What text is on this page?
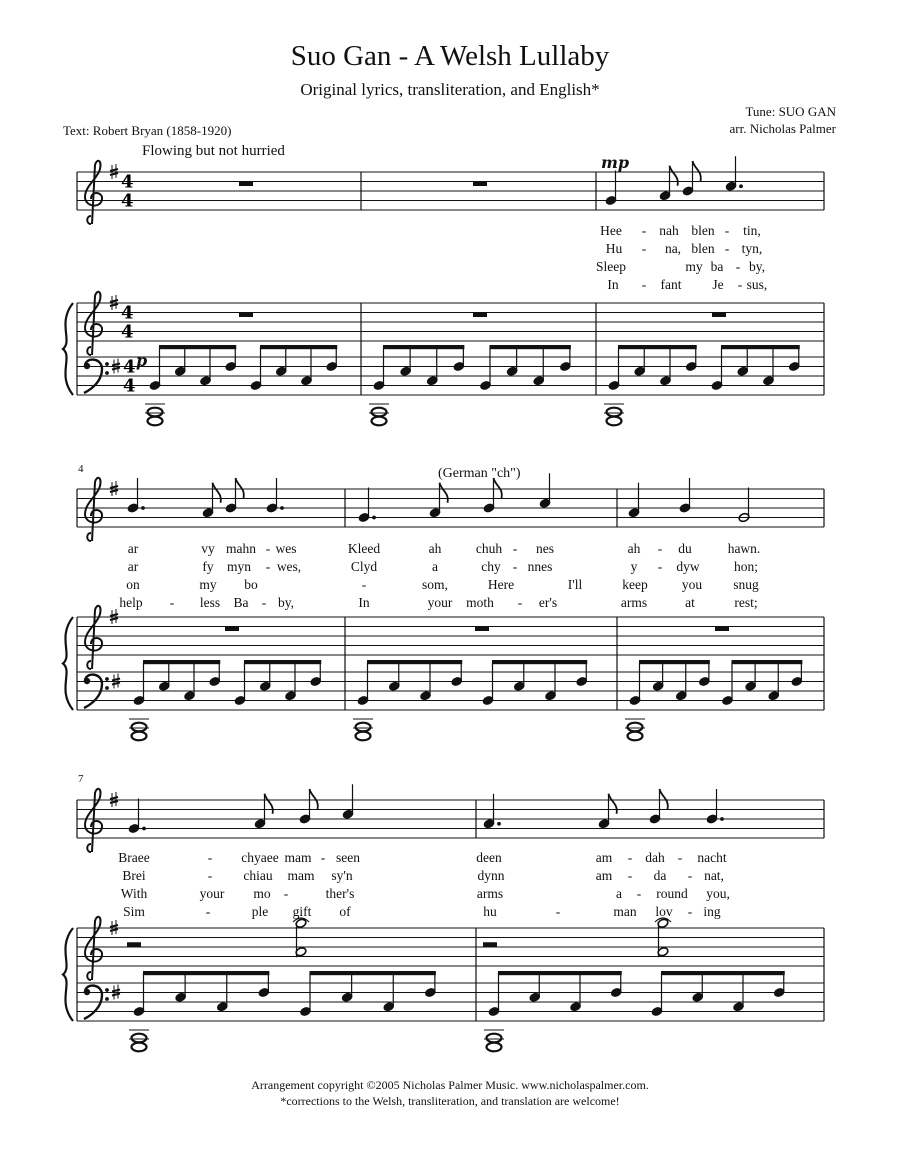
4
4
4
4
4
4
Suo Gan - A Welsh Lullaby
Original lyrics, transliteration, and English*
Tune: SUO GAN
arr. Nicholas Palmer
Text: Robert Bryan (1858-1920)
Flowing but not hurried
(German "ch")
mp
p
4
7
Hee - nah blen - tin,
Hu - na, blen - tyn,
Sleep	my ba - by,
In - fant Je - sus,
ar	vy mahn - wes	Kleed	ah	chuh - nes	ah - du	hawn.
ar	fy myn - wes,	Clyd	a	chy - nnes	y - dyw	hon;
on	my bo	-	som,	Here	I'll	keep	you snug
help - less Ba - by,	In	your moth - er's	arms	at	rest;
Braee	- chyaee mam - seen	deen	am - dah - nacht
Brei	- chiau mam sy'n	dynn	am - da - nat,
With	your mo -	ther's	arms	a - round you,
Sim	-	ple gift of	hu	-	man lov - ing
Arrangement copyright ©2005 Nicholas Palmer Music. www.nicholaspalmer.com.
*corrections to the Welsh, transliteration, and translation are welcome!
